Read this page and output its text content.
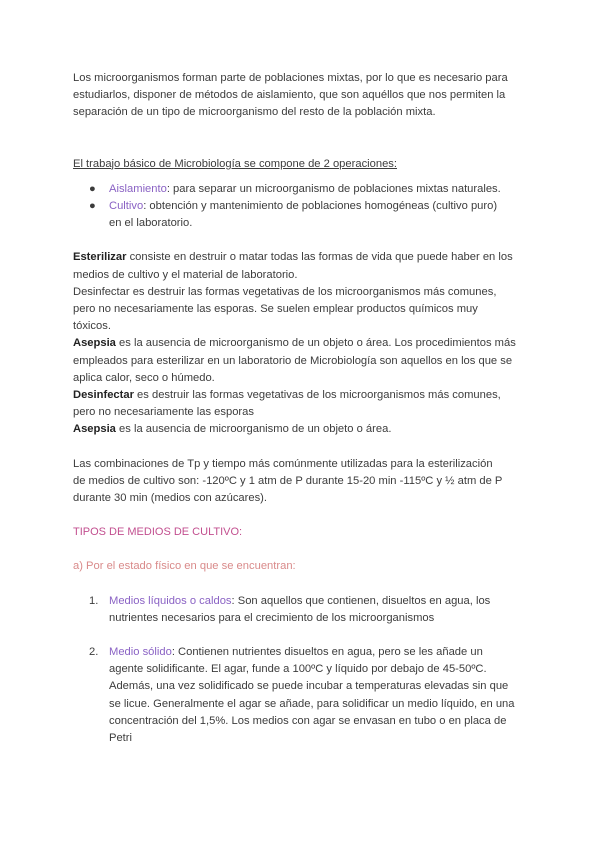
Los microorganismos forman parte de poblaciones mixtas, por lo que es necesario para

estudiarlos, disponer de métodos de aislamiento, que son aquéllos que nos permiten la

separación de un tipo de microorganismo del resto de la población mixta.

El trabajo básico de Microbiología se compone de 2 operaciones:

● Aislamiento: para separar un microorganismo de poblaciones mixtas naturales.
● Cultivo: obtención y mantenimiento de poblaciones homogéneas (cultivo puro)
en el laboratorio.

Esterilizar consiste en destruir o matar todas las formas de vida que puede haber en los

medios de cultivo y el material de laboratorio.

Desinfectar es destruir las formas vegetativas de los microorganismos más comunes,

pero no necesariamente las esporas. Se suelen emplear productos químicos muy

tóxicos.

Asepsia es la ausencia de microorganismo de un objeto o área. Los procedimientos más

empleados para esterilizar en un laboratorio de Microbiología son aquellos en los que se

aplica calor, seco o húmedo.

Desinfectar es destruir las formas vegetativas de los microorganismos más comunes,

pero no necesariamente las esporas

Asepsia es la ausencia de microorganismo de un objeto o área.

Las combinaciones de Tp y tiempo más comúnmente utilizadas para la esterilización

de medios de cultivo son: -120ºC y 1 atm de P durante 15-20 min -115ºC y ½ atm de P

durante 30 min (medios con azúcares).

TIPOS DE MEDIOS DE CULTIVO:

a) Por el estado físico en que se encuentran:

1. Medios líquidos o caldos: Son aquellos que contienen, disueltos en agua, los
nutrientes necesarios para el crecimiento de los microorganismos
2. Medio sólido: Contienen nutrientes disueltos en agua, pero se les añade un
agente solidificante. El agar, funde a 100ºC y líquido por debajo de 45-50ºC.
Además, una vez solidificado se puede incubar a temperaturas elevadas sin que
se licue. Generalmente el agar se añade, para solidificar un medio líquido, en una
concentración del 1,5%. Los medios con agar se envasan en tubo o en placa de
Petri
